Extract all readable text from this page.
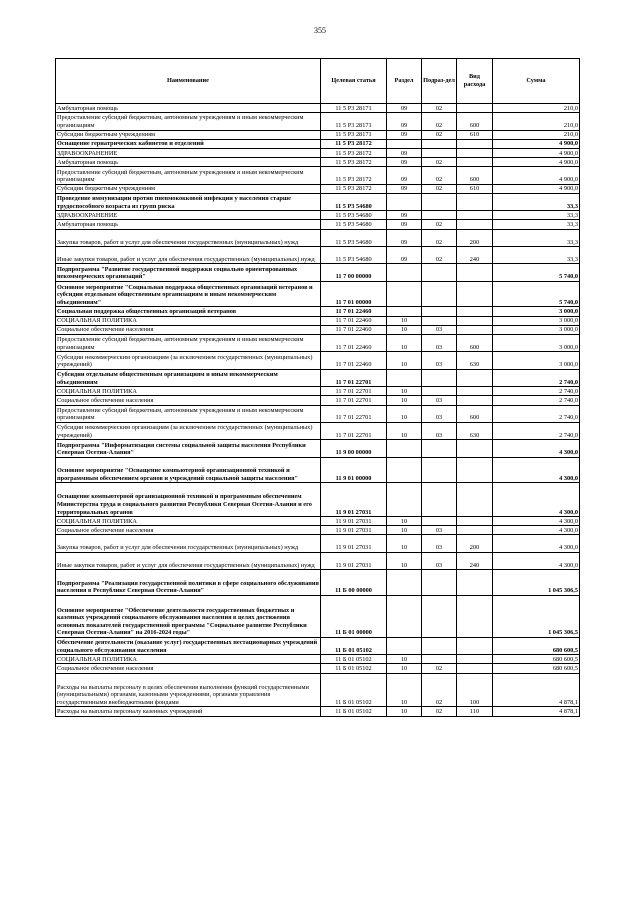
355
Наименование	Целевая статья	Раздел	Подраз-дел	Вид расхода	Сумма
Амбулаторная помощь	11 5 Р3 28171	09	02		210,0
Предоставление субсидий бюджетным, автономным учреждениям и иным некоммерческим организациям	11 5 Р3 28171	09	02	600	210,0
Субсидии бюджетным учреждениям	11 5 Р3 28171	09	02	610	210,0
Оснащение гериатрических кабинетов и отделений	11 5 Р3 28172				4 900,0
ЗДРАВООХРАНЕНИЕ	11 5 Р3 28172	09			4 900,0
Амбулаторная помощь	11 5 Р3 28172	09	02		4 900,0
Предоставление субсидий бюджетным, автономным учреждениям и иным некоммерческим организациям	11 5 Р3 28172	09	02	600	4 900,0
Субсидии бюджетным учреждениям	11 5 Р3 28172	09	02	610	4 900,0
Проведение иммунизации против пневмококковой инфекции у населения старше трудоспособного возраста из групп риска	11 5 Р3 54680				33,3
ЗДРАВООХРАНЕНИЕ	11 5 Р3 54680	09			33,3
Амбулаторная помощь	11 5 Р3 54680	09	02		33,3
Закупка товаров, работ и услуг для обеспечения государственных (муниципальных) нужд	11 5 Р3 54680	09	02	200	33,3
Иные закупки товаров, работ и услуг для обеспечения государственных (муниципальных) нужд	11 5 Р3 54680	09	02	240	33,3
Подпрограмма "Развитие государственной поддержки социально ориентированных некоммерческих организаций"	11 7 00 00000				5 740,0
Основное мероприятие "Социальная поддержка общественных организаций ветеранов и субсидии отдельным общественным организациям и иным некоммерческим объединениям"	11 7 01 00000				5 740,0
Социальная поддержка общественных организаций ветеранов	11 7 01 22460				3 000,0
СОЦИАЛЬНАЯ ПОЛИТИКА	11 7 01 22460	10			3 000,0
Социальное обеспечение населения	11 7 01 22460	10	03		3 000,0
Предоставление субсидий бюджетным, автономным учреждениям и иным некоммерческим организациям	11 7 01 22460	10	03	600	3 000,0
Субсидии некоммерческим организациям (за исключением государственных (муниципальных) учреждений)	11 7 01 22460	10	03	630	3 000,0
Субсидии отдельным общественным организациям и иным некоммерческим объединениям	11 7 01 22701				2 740,0
СОЦИАЛЬНАЯ ПОЛИТИКА	11 7 01 22701	10			2 740,0
Социальное обеспечение населения	11 7 01 22701	10	03		2 740,0
Предоставление субсидий бюджетным, автономным учреждениям и иным некоммерческим организациям	11 7 01 22701	10	03	600	2 740,0
Субсидии некоммерческим организациям (за исключением государственных (муниципальных) учреждений)	11 7 01 22701	10	03	630	2 740,0
Подпрограмма "Информатизация системы социальной защиты населения Республики Северная Осетия-Алания"	11 9 00 00000				4 300,0
Основное мероприятие "Оснащение компьютерной организационной техникой и программным обеспечением органов и учреждений социальной защиты населения"	11 9 01 00000				4 300,0
Оснащение компьютерной организационной техникой и программным обеспечением Министерства труда и социального развития Республики Северная Осетия-Алания и его территориальных органов	11 9 01 27031				4 300,0
СОЦИАЛЬНАЯ ПОЛИТИКА	11 9 01 27031	10			4 300,0
Социальное обеспечение населения	11 9 01 27031	10	03		4 300,0
Закупка товаров, работ и услуг для обеспечения государственных (муниципальных) нужд	11 9 01 27031	10	03	200	4 300,0
Иные закупки товаров, работ и услуг для обеспечения государственных (муниципальных) нужд	11 9 01 27031	10	03	240	4 300,0
Подпрограмма "Реализация государственной политики в сфере социального обслуживания населения в Республике Северная Осетия-Алания"	11 Б 00 00000				1 045 306,5
Основное мероприятие "Обеспечение деятельности государственных бюджетных и казенных учреждений социального обслуживания населения в целях достижения основных показателей государственной программы "Социальное развитие Республики Северная Осетия-Алания" на 2016-2024 годы"	11 Б 01 00000				1 045 306,5
Обеспечение деятельности (оказание услуг) государственных нестационарных учреждений социального обслуживания населения	11 Б 01 05102				680 600,5
СОЦИАЛЬНАЯ ПОЛИТИКА	11 Б 01 05102	10			680 600,5
Социальное обеспечение населения	11 Б 01 05102	10	02		680 600,5
Расходы на выплаты персоналу в целях обеспечения выполнения функций государственными (муниципальными) органами, казенными учреждениями, органами управления государственными внебюджетными фондами	11 Б 01 05102	10	02	100	4 878,1
Расходы на выплаты персоналу казенных учреждений	11 Б 01 05102	10	02	110	4 878,1
